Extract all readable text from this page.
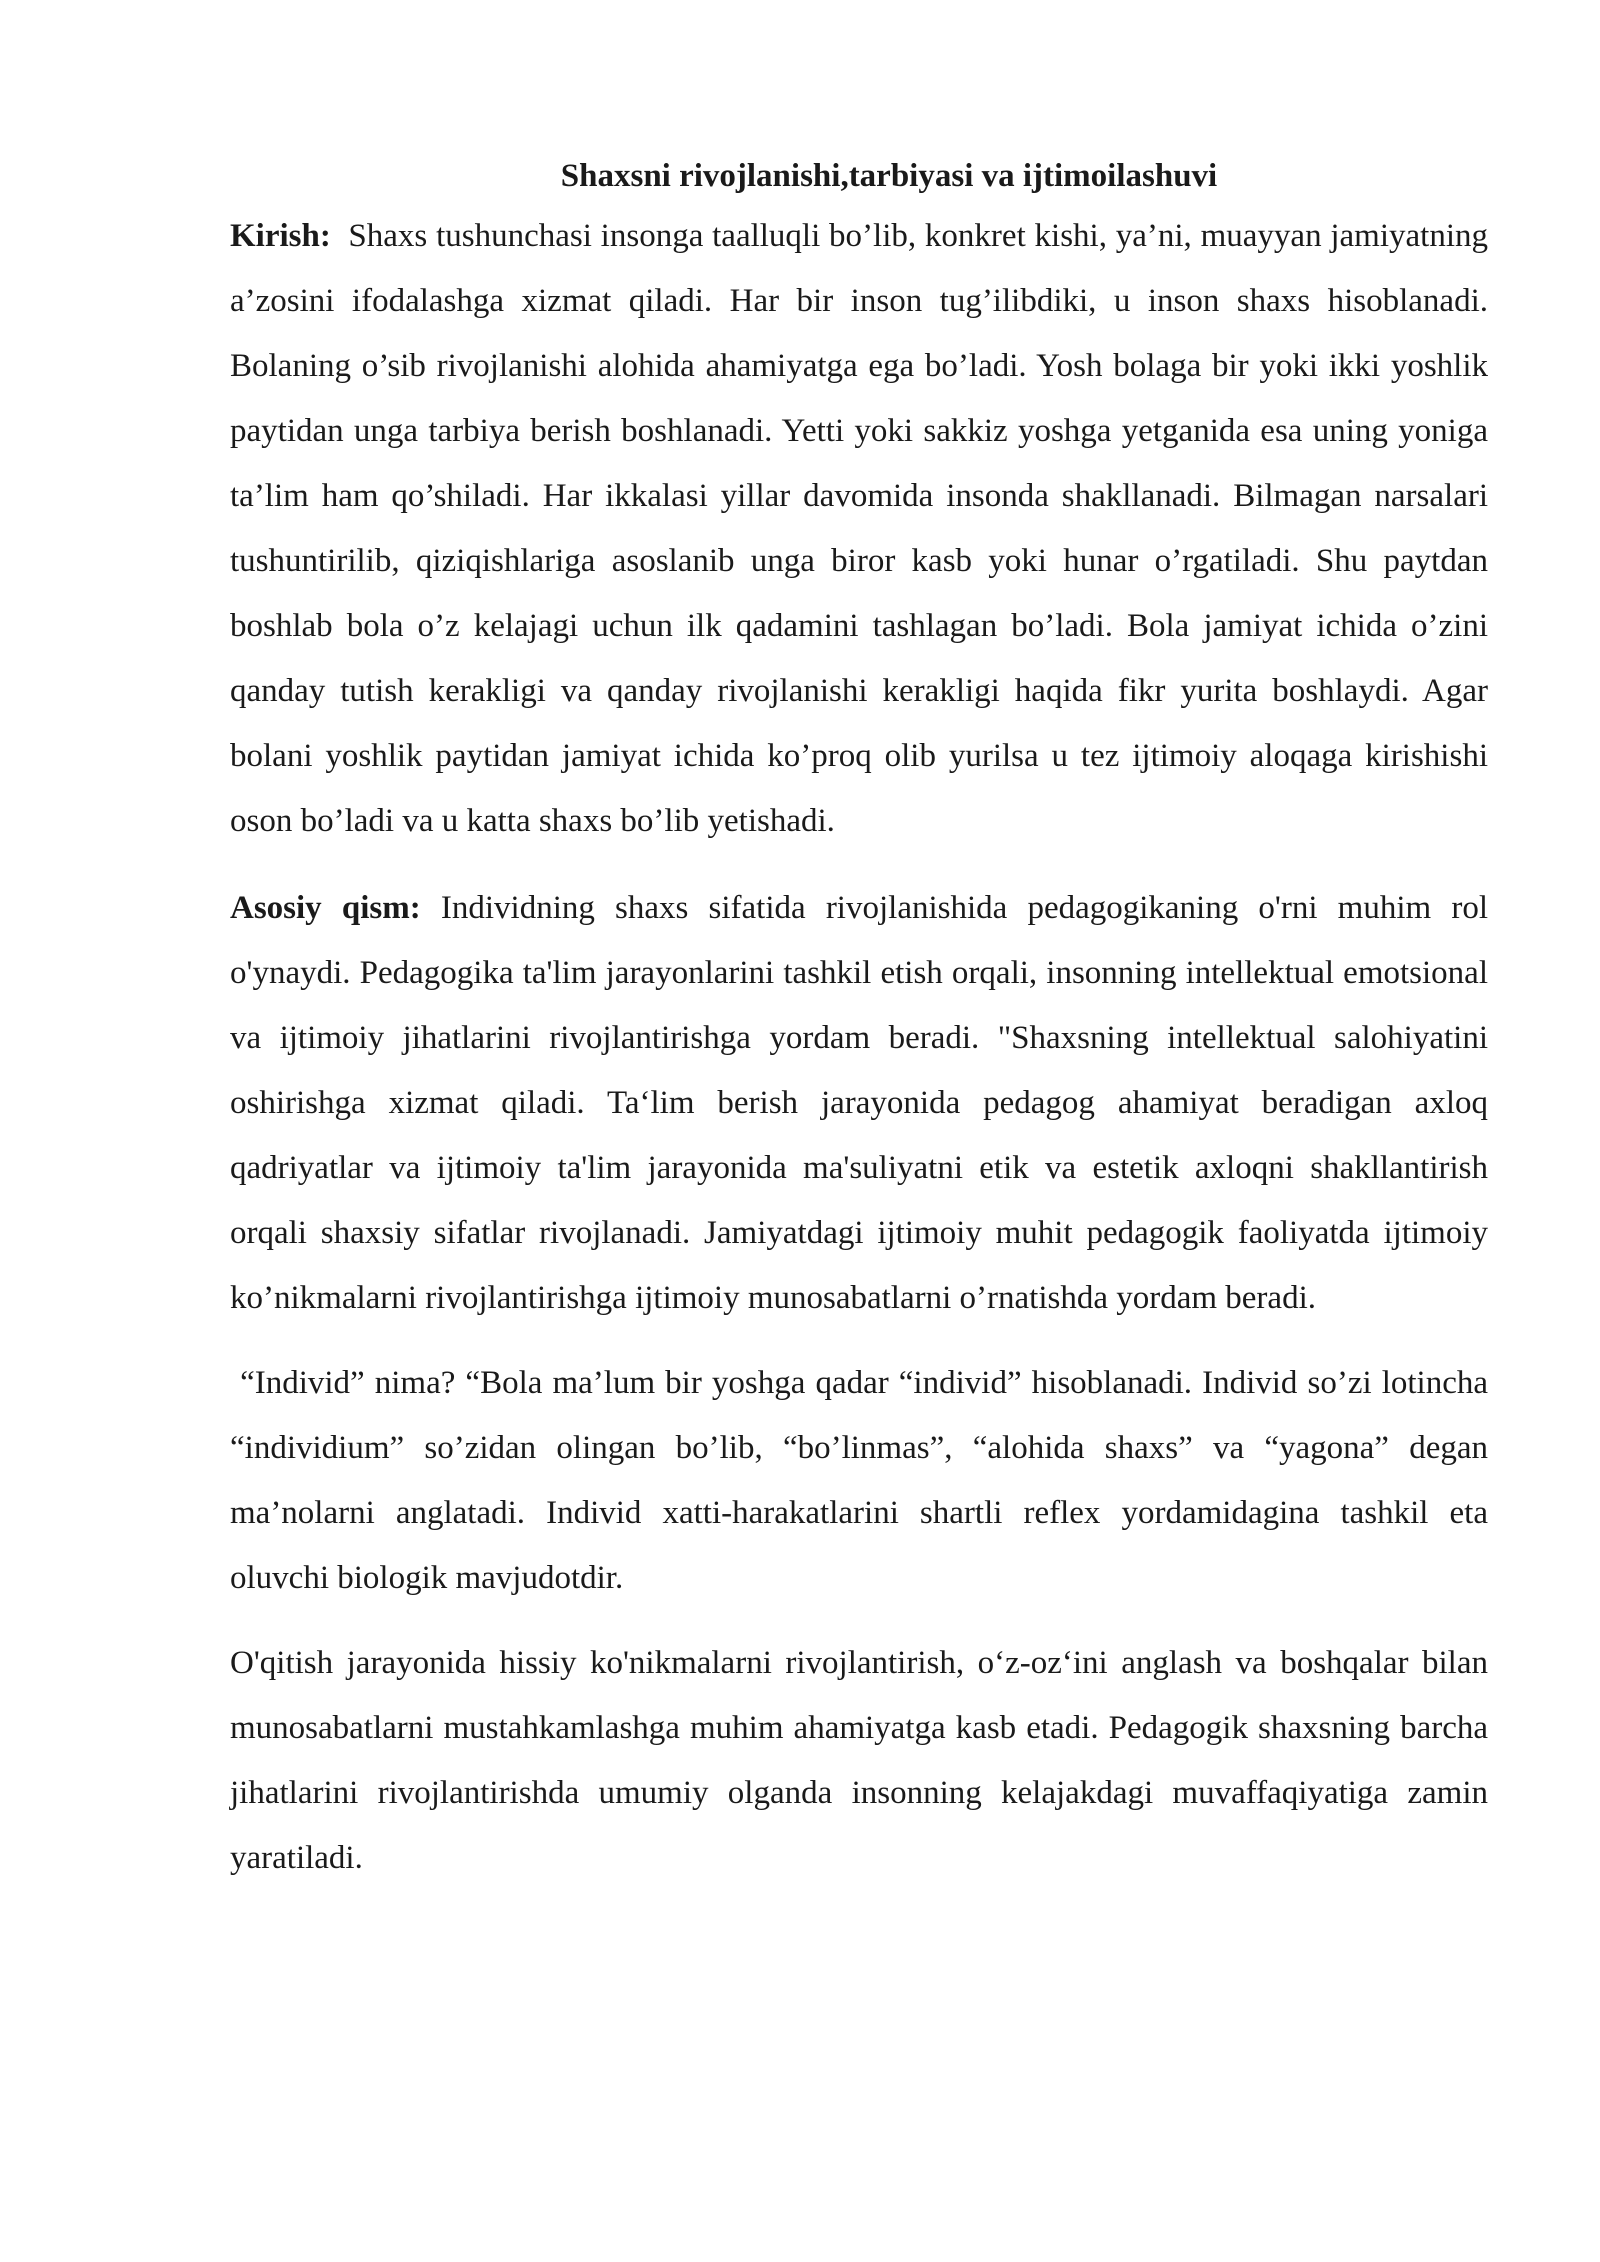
Shaxsni rivojlanishi,tarbiyasi va ijtimoilashuvi

Kirish:  Shaxs tushunchasi insonga taalluqli bo’lib, konkret kishi, ya’ni, muayyan jamiyatning a’zosini ifodalashga xizmat qiladi. Har bir inson tug’ilibdiki, u inson shaxs hisoblanadi. Bolaning o’sib rivojlanishi alohida ahamiyatga ega bo’ladi. Yosh bolaga bir yoki ikki yoshlik paytidan unga tarbiya berish boshlanadi. Yetti yoki sakkiz yoshga yetganida esa uning yoniga ta’lim ham qo’shiladi. Har ikkalasi yillar davomida insonda shakllanadi. Bilmagan narsalari tushuntirilib, qiziqishlariga asoslanib unga biror kasb yoki hunar o’rgatiladi. Shu paytdan boshlab bola o’z kelajagi uchun ilk qadamini tashlagan bo’ladi. Bola jamiyat ichida o’zini qanday tutish kerakligi va qanday rivojlanishi kerakligi haqida fikr yurita boshlaydi. Agar bolani yoshlik paytidan jamiyat ichida ko’proq olib yurilsa u tez ijtimoiy aloqaga kirishishi oson bo’ladi va u katta shaxs bo’lib yetishadi.

Asosiy qism: Individning shaxs sifatida rivojlanishida pedagogikaning o'rni muhim rol o'ynaydi. Pedagogika ta'lim jarayonlarini tashkil etish orqali, insonning intellektual emotsional va ijtimoiy jihatlarini rivojlantirishga yordam beradi. "Shaxsning intellektual salohiyatini oshirishga xizmat qiladi. Ta‘lim berish jarayonida pedagog ahamiyat beradigan axloq qadriyatlar va ijtimoiy ta'lim jarayonida ma'suliyatni etik va estetik axloqni shakllantirish orqali shaxsiy sifatlar rivojlanadi. Jamiyatdagi ijtimoiy muhit pedagogik faoliyatda ijtimoiy ko’nikmalarni rivojlantirishga ijtimoiy munosabatlarni o’rnatishda yordam beradi.

“Individ” nima? “Bola ma’lum bir yoshga qadar “individ” hisoblanadi. Individ so’zi lotincha “individium” so’zidan olingan bo’lib, “bo’linmas”, “alohida shaxs” va “yagona” degan ma’nolarni anglatadi. Individ xatti-harakatlarini shartli reflex yordamidagina tashkil eta oluvchi biologik mavjudotdir.

O'qitish jarayonida hissiy ko'nikmalarni rivojlantirish, o‘z-oz‘ini anglash va boshqalar bilan munosabatlarni mustahkamlashga muhim ahamiyatga kasb etadi. Pedagogik shaxsning barcha jihatlarini rivojlantirishda umumiy olganda insonning kelajakdagi muvaffaqiyatiga zamin yaratiladi.
